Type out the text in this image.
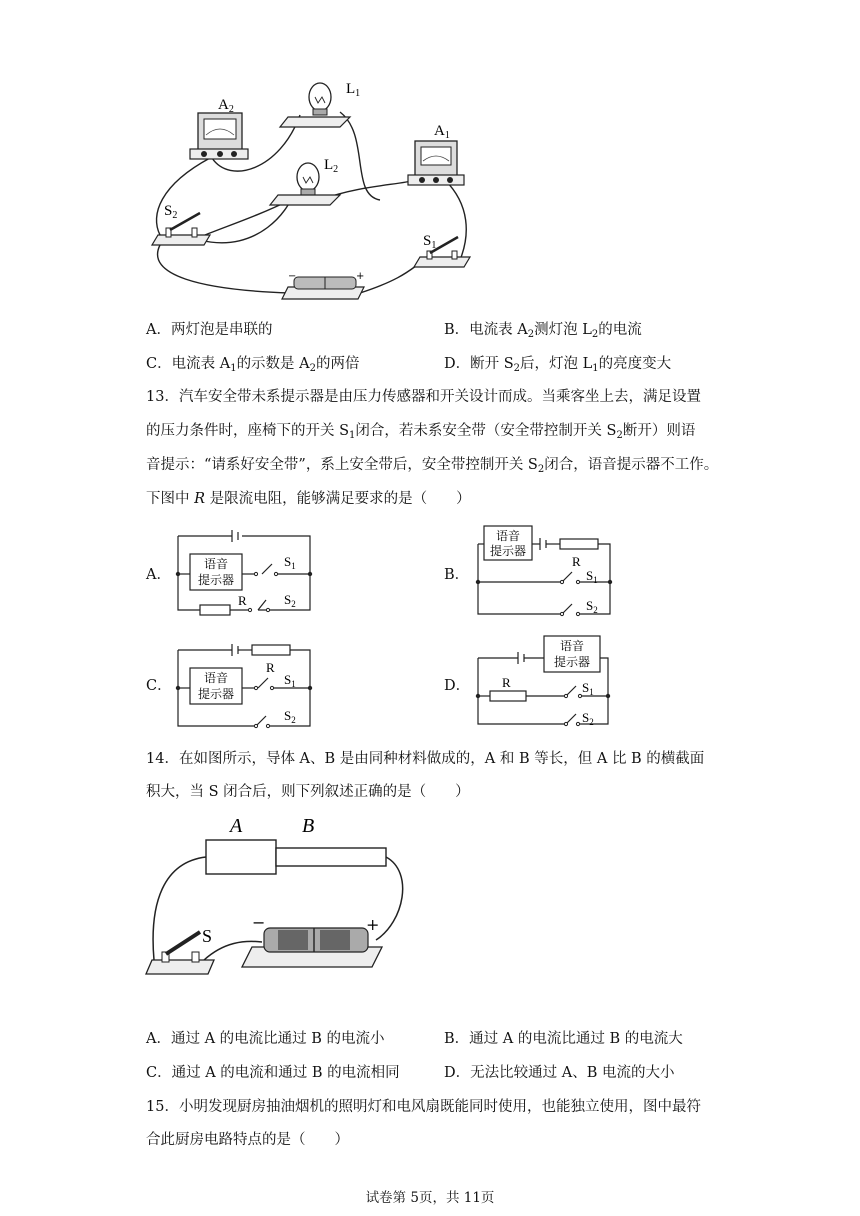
$A_2$
$L_1$
$L_2$
$A_1$
$S_2$
$S_1$
−	+
A．两灯泡是串联的	B．电流表 $A_2$测灯泡 $L_2$的电流
C．电流表 $A_1$的示数是 $A_2$的两倍	D．断开 $S_2$后，灯泡 $L_1$的亮度变大
13．汽车安全带未系提示器是由压力传感器和开关设计而成。当乘客坐上去，满足设置
的压力条件时，座椅下的开关 $S_1$闭合，若未系安全带（安全带控制开关 $S_2$断开）则语
音提示：“请系好安全带”，系上安全带后，安全带控制开关 $S_2$闭合，语音提示器不工作。
下图中 R 是限流电阻，能够满足要求的是（　　）
A．
语音
提示器
R
$S_1$
$S_2$
B．
语音
提示器
R
$S_1$
$S_2$
C．	语音
提示器
R
$S_1$
$S_2$
D．
语音
提示器
R	$S_1$
$S_2$
14．在如图所示，导体 A、B 是由同种材料做成的，A 和 B 等长，但 A 比 B 的横截面
积大，当 S 闭合后，则下列叙述正确的是（　　）
A	B
S
−	+
A．通过 A 的电流比通过 B 的电流小	B．通过 A 的电流比通过 B 的电流大
C．通过 A 的电流和通过 B 的电流相同	D．无法比较通过 A、B 电流的大小
15．小明发现厨房抽油烟机的照明灯和电风扇既能同时使用，也能独立使用，图中最符
合此厨房电路特点的是（　　）
试卷第 5页，共 11页
